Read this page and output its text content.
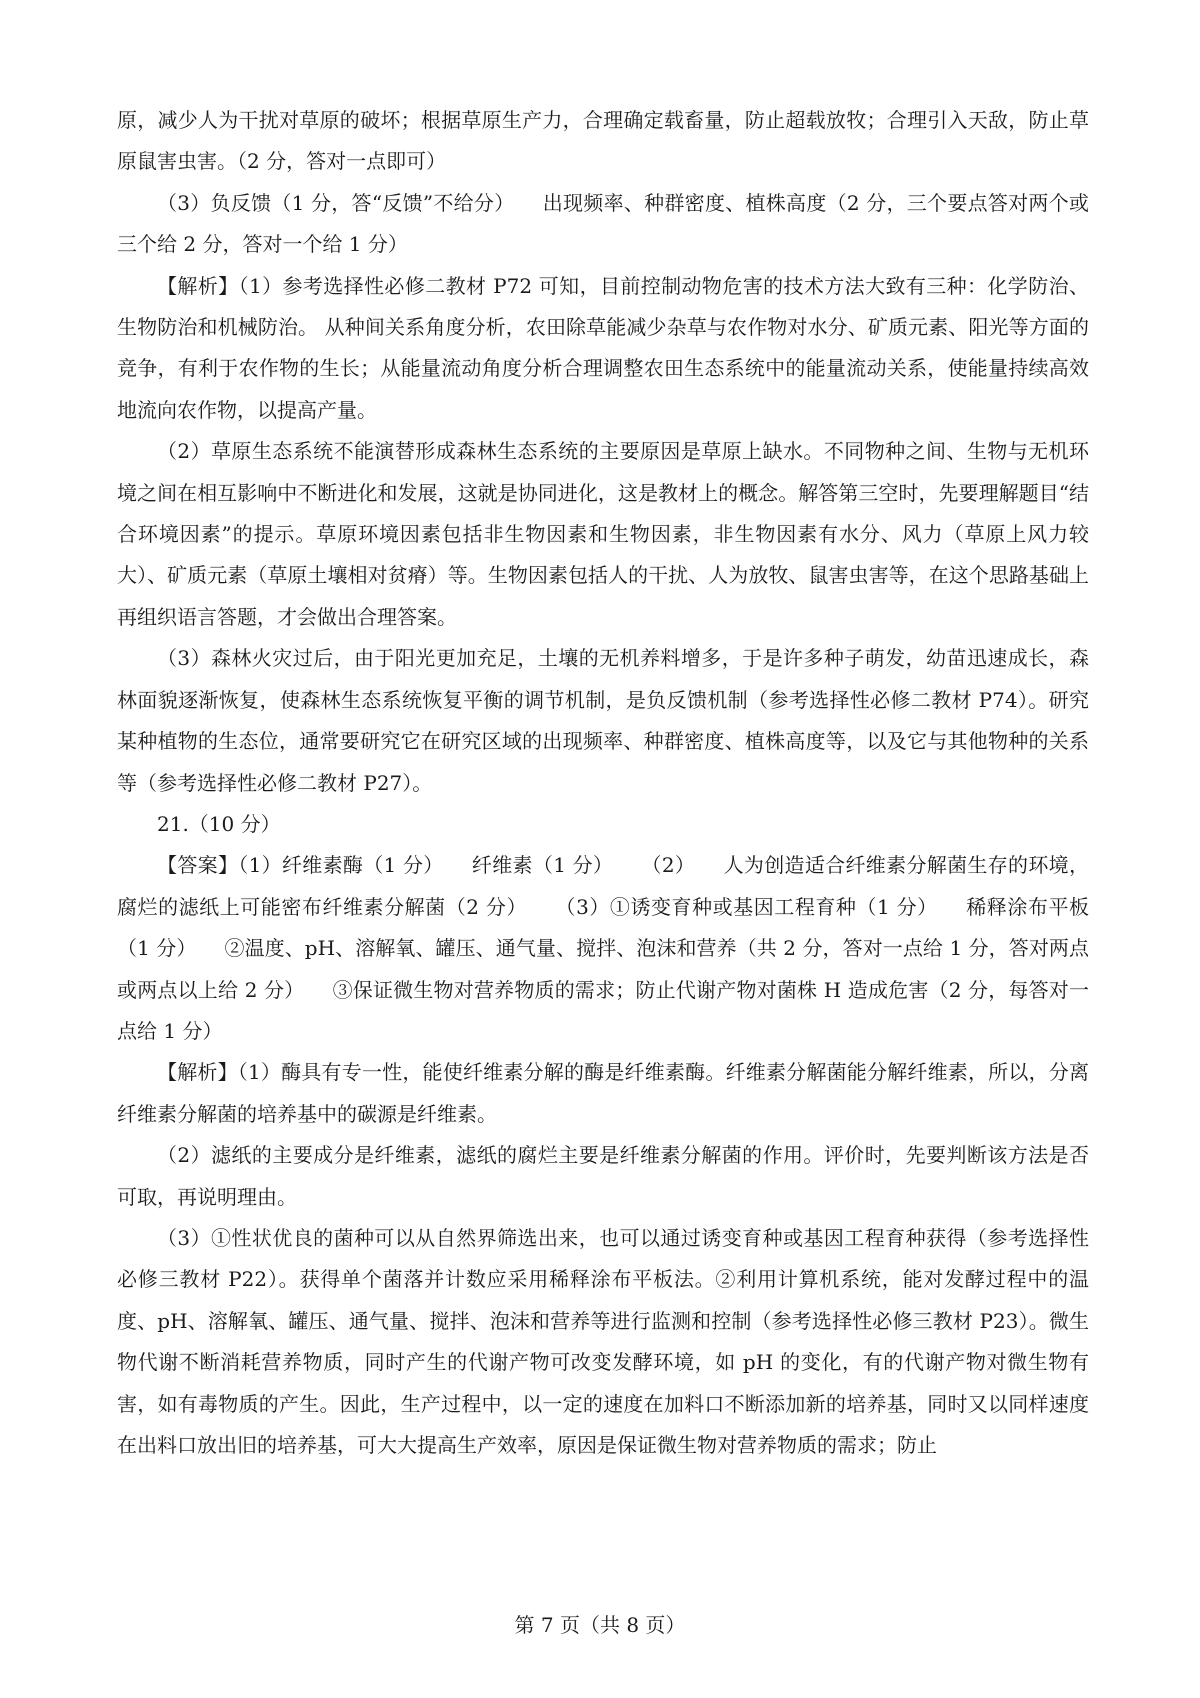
原，减少人为干扰对草原的破坏；根据草原生产力，合理确定载畜量，防止超载放牧；合理引入天敌，防止草原鼠害虫害。（2 分，答对一点即可）

（3）负反馈（1 分，答“反馈”不给分） 出现频率、种群密度、植株高度（2 分，三个要点答对两个或三个给 2 分，答对一个给 1 分）

【解析】（1）参考选择性必修二教材 P72 可知，目前控制动物危害的技术方法大致有三种：化学防治、生物防治和机械防治。 从种间关系角度分析，农田除草能减少杂草与农作物对水分、矿质元素、阳光等方面的竞争，有利于农作物的生长；从能量流动角度分析合理调整农田生态系统中的能量流动关系，使能量持续高效地流向农作物，以提高产量。

（2）草原生态系统不能演替形成森林生态系统的主要原因是草原上缺水。不同物种之间、生物与无机环境之间在相互影响中不断进化和发展，这就是协同进化，这是教材上的概念。解答第三空时，先要理解题目“结合环境因素”的提示。草原环境因素包括非生物因素和生物因素，非生物因素有水分、风力（草原上风力较大）、矿质元素（草原土壤相对贫瘠）等。生物因素包括人的干扰、人为放牧、鼠害虫害等，在这个思路基础上再组织语言答题，才会做出合理答案。

（3）森林火灾过后，由于阳光更加充足，土壤的无机养料增多，于是许多种子萌发，幼苗迅速成长，森林面貌逐渐恢复，使森林生态系统恢复平衡的调节机制，是负反馈机制（参考选择性必修二教材 P74）。研究某种植物的生态位，通常要研究它在研究区域的出现频率、种群密度、植株高度等，以及它与其他物种的关系等（参考选择性必修二教材 P27）。

21.（10 分）

【答案】（1）纤维素酶（1 分） 纤维素（1 分） （2） 人为创造适合纤维素分解菌生存的环境，腐烂的滤纸上可能密布纤维素分解菌（2 分） （3）①诱变育种或基因工程育种（1 分） 稀释涂布平板（1 分） ②温度、pH、溶解氧、罐压、通气量、搅拌、泡沫和营养（共 2 分，答对一点给 1 分，答对两点或两点以上给 2 分） ③保证微生物对营养物质的需求；防止代谢产物对菌株 H 造成危害（2 分，每答对一点给 1 分）

【解析】（1）酶具有专一性，能使纤维素分解的酶是纤维素酶。纤维素分解菌能分解纤维素，所以，分离纤维素分解菌的培养基中的碳源是纤维素。

（2）滤纸的主要成分是纤维素，滤纸的腐烂主要是纤维素分解菌的作用。评价时，先要判断该方法是否可取，再说明理由。

（3）①性状优良的菌种可以从自然界筛选出来，也可以通过诱变育种或基因工程育种获得（参考选择性必修三教材 P22）。获得单个菌落并计数应采用稀释涂布平板法。②利用计算机系统，能对发酵过程中的温度、pH、溶解氧、罐压、通气量、搅拌、泡沫和营养等进行监测和控制（参考选择性必修三教材 P23）。微生物代谢不断消耗营养物质，同时产生的代谢产物可改变发酵环境，如 pH 的变化，有的代谢产物对微生物有害，如有毒物质的产生。因此，生产过程中，以一定的速度在加料口不断添加新的培养基，同时又以同样速度在出料口放出旧的培养基，可大大提高生产效率，原因是保证微生物对营养物质的需求；防止

第 7 页（共 8 页）
